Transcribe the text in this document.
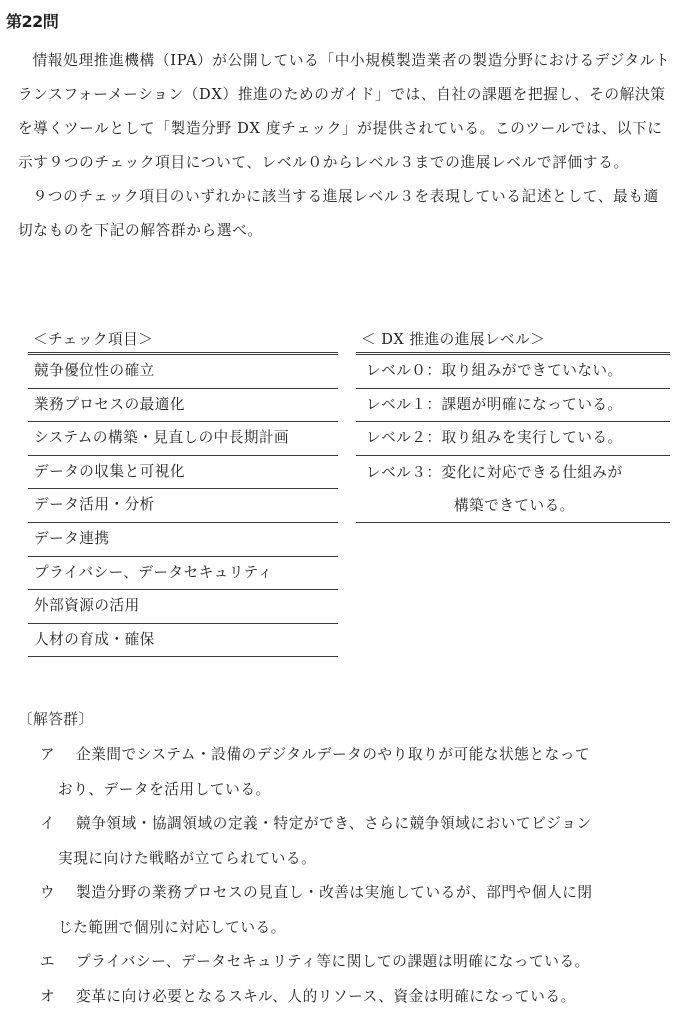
第22問

情報処理推進機構（IPA）が公開している「中小規模製造業者の製造分野におけるデジタルトランスフォーメーション（DX）推進のためのガイド」では、自社の課題を把握し、その解決策を導くツールとして「製造分野 DX 度チェック」が提供されている。このツールでは、以下に示す９つのチェック項目について、レベル０からレベル３までの進展レベルで評価する。

９つのチェック項目のいずれかに該当する進展レベル３を表現している記述として、最も適切なものを下記の解答群から選べ。

＜チェック項目＞
競争優位性の確立
業務プロセスの最適化
システムの構築・見直しの中長期計画
データの収集と可視化
データ活用・分析
データ連携
プライバシー、データセキュリティ
外部資源の活用
人材の育成・確保
＜ DX 推進の進展レベル＞
レベル０：取り組みができていない。
レベル１：課題が明確になっている。
レベル２：取り組みを実行している。
レベル３：変化に対応できる仕組みが
構築できている。
〔解答群〕
ア	企業間でシステム・設備のデジタルデータのやり取りが可能な状態となって
おり、データを活用している。
イ	競争領域・協調領域の定義・特定ができ、さらに競争領域においてビジョン
実現に向けた戦略が立てられている。
ウ	製造分野の業務プロセスの見直し・改善は実施しているが、部門や個人に閉
じた範囲で個別に対応している。
エ	プライバシー、データセキュリティ等に関しての課題は明確になっている。
オ	変革に向け必要となるスキル、人的リソース、資金は明確になっている。
